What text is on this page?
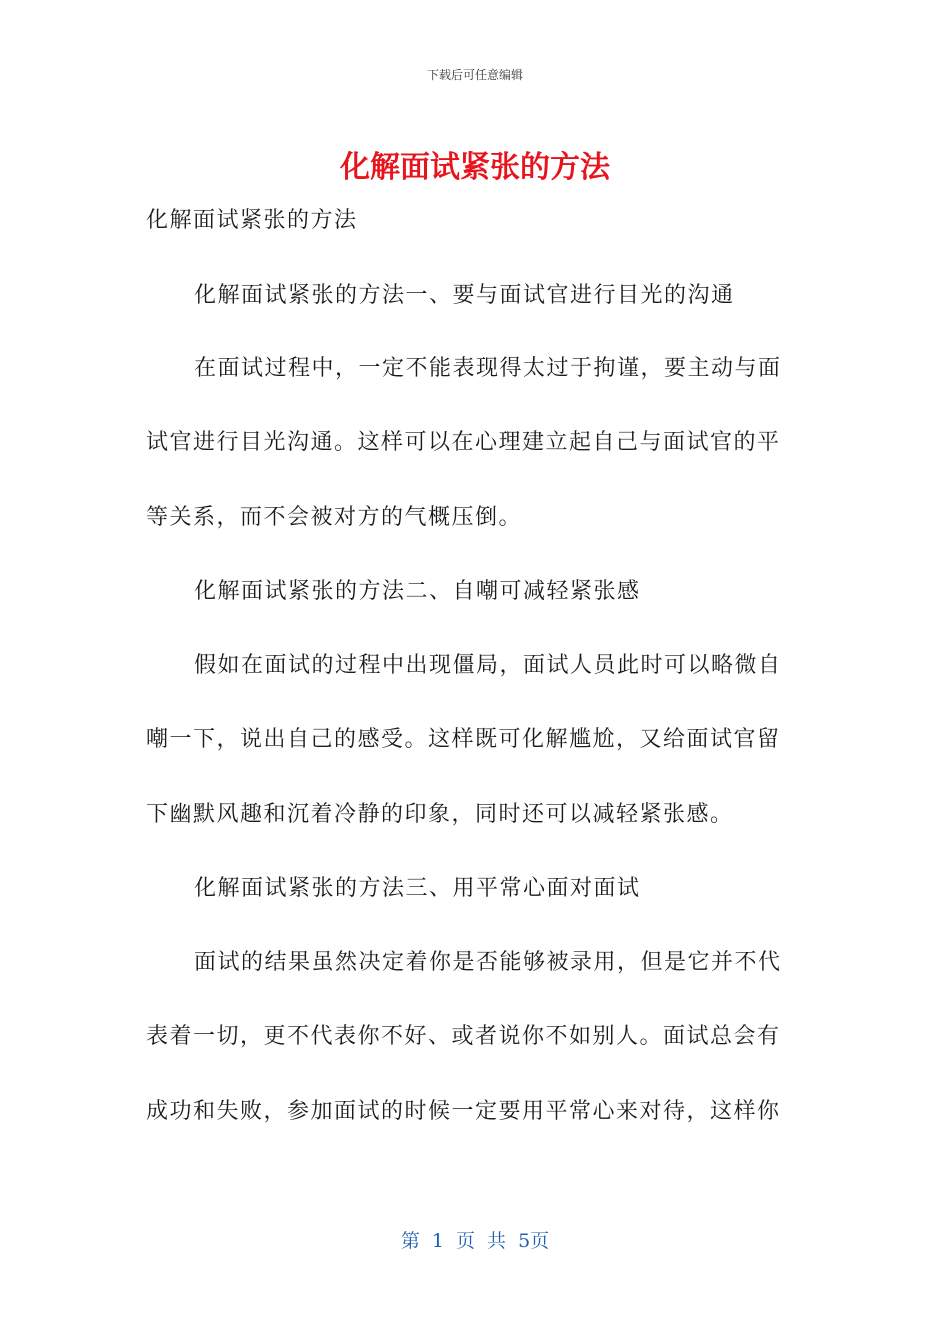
下载后可任意编辑
化解面试紧张的方法
化解面试紧张的方法
化解面试紧张的方法一、要与面试官进行目光的沟通
在面试过程中，一定不能表现得太过于拘谨，要主动与面
试官进行目光沟通。这样可以在心理建立起自己与面试官的平
等关系，而不会被对方的气概压倒。
化解面试紧张的方法二、自嘲可减轻紧张感
假如在面试的过程中出现僵局，面试人员此时可以略微自
嘲一下，说出自己的感受。这样既可化解尴尬，又给面试官留
下幽默风趣和沉着冷静的印象，同时还可以减轻紧张感。
化解面试紧张的方法三、用平常心面对面试
面试的结果虽然决定着你是否能够被录用，但是它并不代
表着一切，更不代表你不好、或者说你不如别人。面试总会有
成功和失败，参加面试的时候一定要用平常心来对待，这样你
第 1 页 共 5页
